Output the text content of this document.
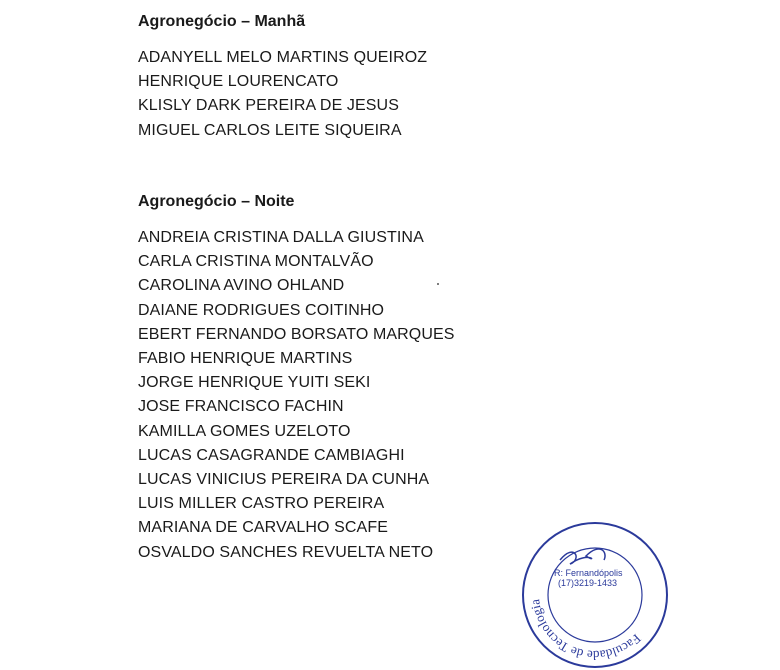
Agronegócio – Manhã
ADANYELL MELO MARTINS QUEIROZ
HENRIQUE LOURENCATO
KLISLY DARK PEREIRA DE JESUS
MIGUEL CARLOS LEITE SIQUEIRA
Agronegócio – Noite
ANDREIA CRISTINA DALLA GIUSTINA
CARLA CRISTINA MONTALVÃO
CAROLINA AVINO OHLAND
DAIANE RODRIGUES COITINHO
EBERT FERNANDO BORSATO MARQUES
FABIO HENRIQUE MARTINS
JORGE HENRIQUE YUITI SEKI
JOSE FRANCISCO FACHIN
KAMILLA GOMES UZELOTO
LUCAS CASAGRANDE CAMBIAGHI
LUCAS VINICIUS PEREIRA DA CUNHA
LUIS MILLER CASTRO PEREIRA
MARIANA DE CARVALHO SCAFE
OSVALDO SANCHES REVUELTA NETO
Faculdade de Tecnologia
R: Fernandópolis
(17)3219-1433
